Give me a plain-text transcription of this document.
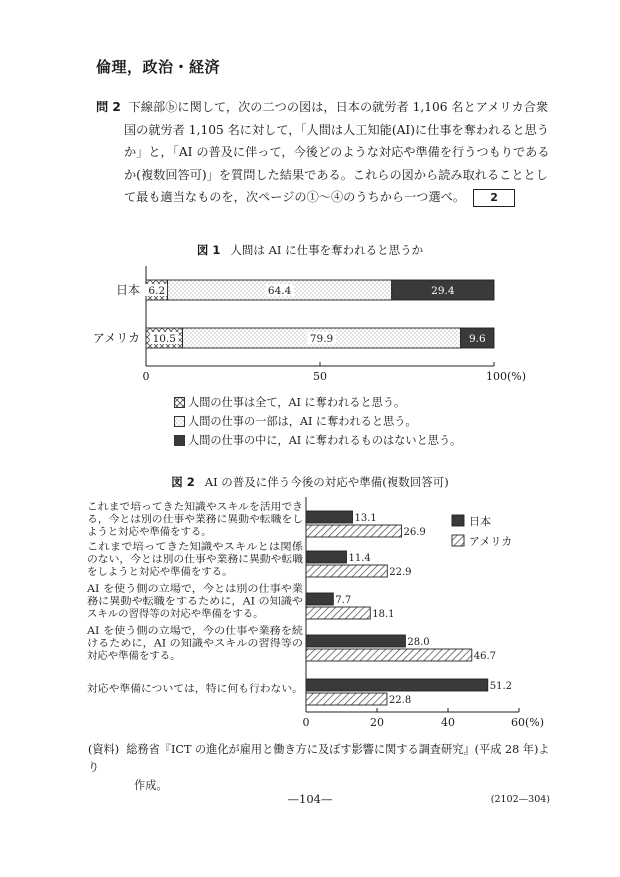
倫理，政治・経済
問 2 下線部ⓑに関して，次の二つの図は，日本の就労者 1,106 名とアメリカ合衆
国の就労者 1,105 名に対して，「人間は人工知能(AI)に仕事を奪われると思う
か」と，「AI の普及に伴って，今後どのような対応や準備を行うつもりである
か(複数回答可)」を質問した結果である。これらの図から読み取れることとし
て最も適当なものを，次ページの①～④のうちから一つ選べ。 2
図 1 人間は AI に仕事を奪われると思うか
0	50	100(%)
日本 6.2	64.4	29.4
アメリカ 10.5	79.9	9.6
人間の仕事は全て，AI に奪われると思う。
人間の仕事の一部は，AI に奪われると思う。
人間の仕事の中に，AI に奪われるものはないと思う。
図 2 AI の普及に伴う今後の対応や準備(複数回答可)
0	20	40	60(%)
これまで培ってきた知識やスキルを活用でき
る，今とは別の仕事や業務に異動や転職をし
ようと対応や準備をする。
13.1
26.9
これまで培ってきた知識やスキルとは関係
のない，今とは別の仕事や業務に異動や転職
をしようと対応や準備をする。
11.4
22.9
AI を使う側の立場で，今とは別の仕事や業
務に異動や転職をするために，AI の知識や
スキルの習得等の対応や準備をする。
7.7
18.1
AI を使う側の立場で，今の仕事や業務を続
けるために，AI の知識やスキルの習得等の
対応や準備をする。
28.0
46.7
対応や準備については，特に何も行わない。	51.2
22.8
日本
アメリカ
(資料) 総務省『ICT の進化が雇用と働き方に及ぼす影響に関する調査研究』(平成 28 年)より
作成。
—104—	(2102—304)
